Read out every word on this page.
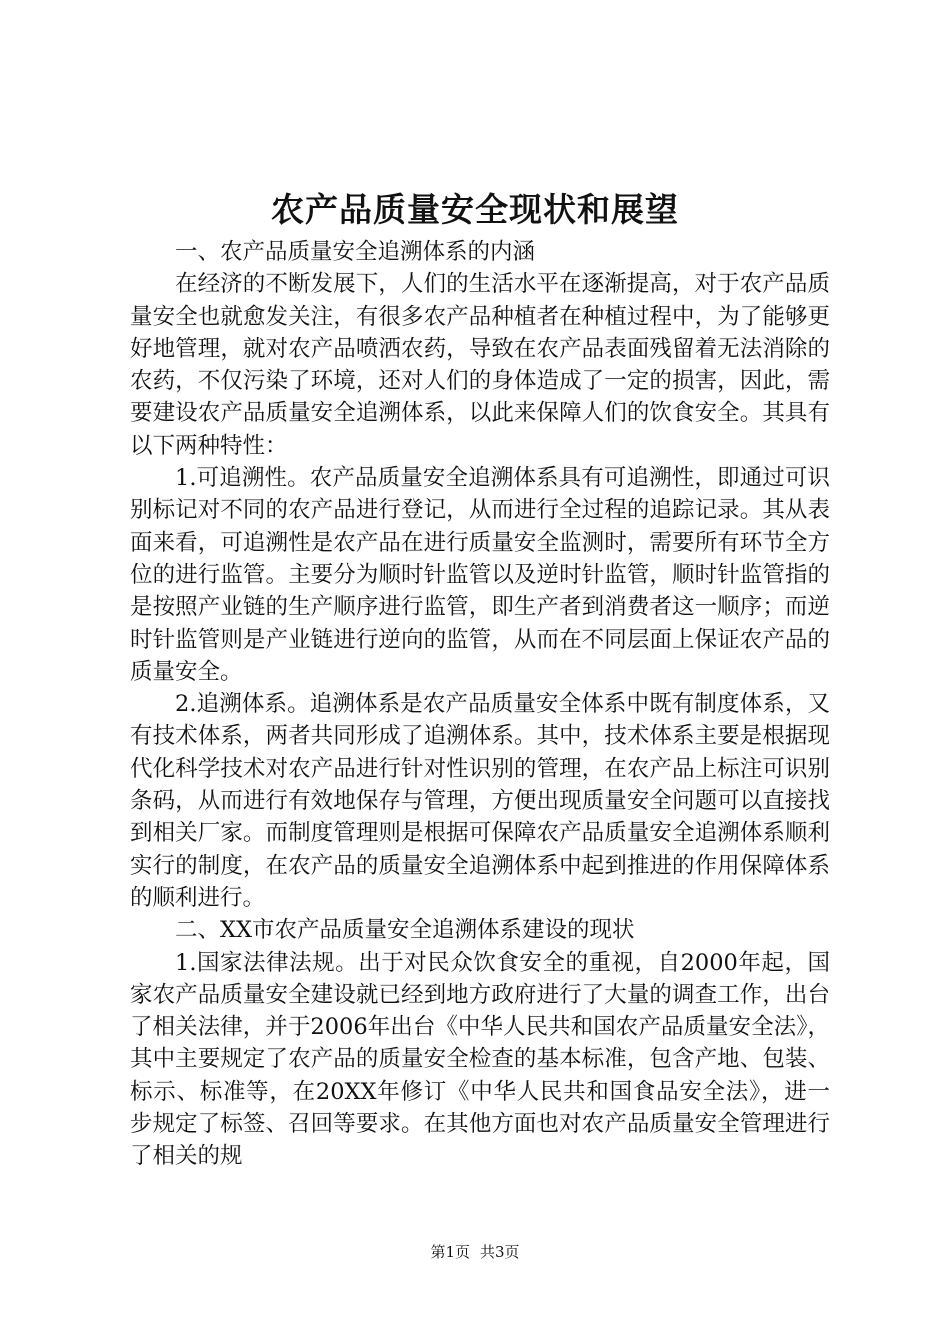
农产品质量安全现状和展望

一、农产品质量安全追溯体系的内涵

在经济的不断发展下，人们的生活水平在逐渐提高，对于农产品质量安全也就愈发关注，有很多农产品种植者在种植过程中，为了能够更好地管理，就对农产品喷洒农药，导致在农产品表面残留着无法消除的农药，不仅污染了环境，还对人们的身体造成了一定的损害，因此，需要建设农产品质量安全追溯体系，以此来保障人们的饮食安全。其具有以下两种特性：

1.可追溯性。农产品质量安全追溯体系具有可追溯性，即通过可识别标记对不同的农产品进行登记，从而进行全过程的追踪记录。其从表面来看，可追溯性是农产品在进行质量安全监测时，需要所有环节全方位的进行监管。主要分为顺时针监管以及逆时针监管，顺时针监管指的是按照产业链的生产顺序进行监管，即生产者到消费者这一顺序；而逆时针监管则是产业链进行逆向的监管，从而在不同层面上保证农产品的质量安全。

2.追溯体系。追溯体系是农产品质量安全体系中既有制度体系，又有技术体系，两者共同形成了追溯体系。其中，技术体系主要是根据现代化科学技术对农产品进行针对性识别的管理，在农产品上标注可识别条码，从而进行有效地保存与管理，方便出现质量安全问题可以直接找到相关厂家。而制度管理则是根据可保障农产品质量安全追溯体系顺利实行的制度，在农产品的质量安全追溯体系中起到推进的作用保障体系的顺利进行。

二、XX市农产品质量安全追溯体系建设的现状

1.国家法律法规。出于对民众饮食安全的重视，自2000年起，国家农产品质量安全建设就已经到地方政府进行了大量的调查工作，出台了相关法律，并于2006年出台《中华人民共和国农产品质量安全法》，其中主要规定了农产品的质量安全检查的基本标准，包含产地、包装、标示、标准等，在20XX年修订《中华人民共和国食品安全法》，进一步规定了标签、召回等要求。在其他方面也对农产品质量安全管理进行了相关的规

第1页 共3页
